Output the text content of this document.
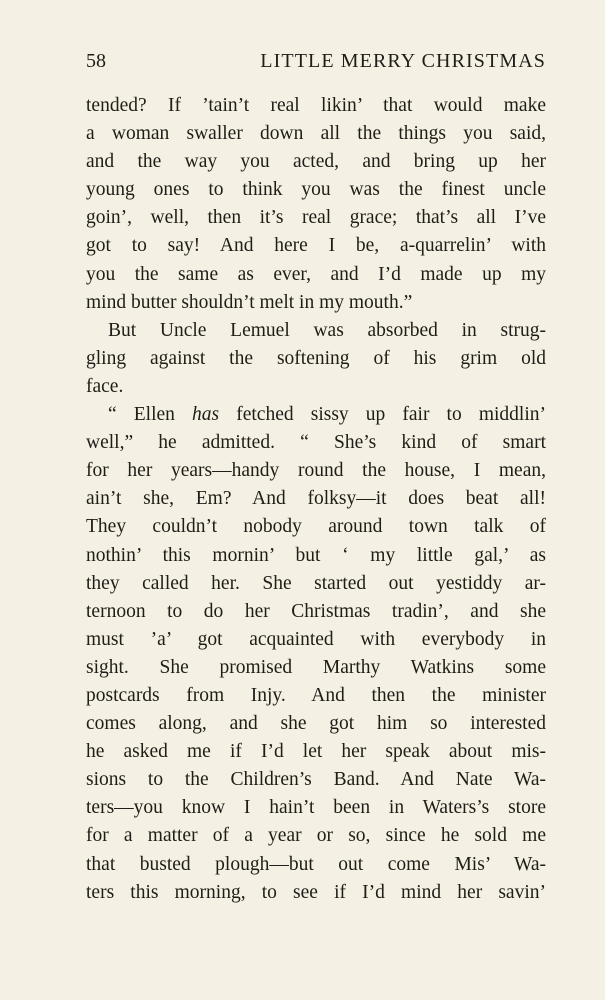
58	LITTLE MERRY CHRISTMAS
tended? If ’tain’t real likin’ that would make
a woman swaller down all the things you said,
and the way you acted, and bring up her
young ones to think you was the finest uncle
goin’, well, then it’s real grace; that’s all I’ve
got to say! And here I be, a-quarrelin’ with
you the same as ever, and I’d made up my
mind butter shouldn’t melt in my mouth.”
But Uncle Lemuel was absorbed in strug-
gling against the softening of his grim old
face.
“ Ellen has fetched sissy up fair to middlin’
well,” he admitted. “ She’s kind of smart
for her years—handy round the house, I mean,
ain’t she, Em? And folksy—it does beat all!
They couldn’t nobody around town talk of
nothin’ this mornin’ but ‘ my little gal,’ as
they called her. She started out yestiddy ar-
ternoon to do her Christmas tradin’, and she
must ’a’ got acquainted with everybody in
sight. She promised Marthy Watkins some
postcards from Injy. And then the minister
comes along, and she got him so interested
he asked me if I’d let her speak about mis-
sions to the Children’s Band. And Nate Wa-
ters—you know I hain’t been in Waters’s store
for a matter of a year or so, since he sold me
that busted plough—but out come Mis’ Wa-
ters this morning, to see if I’d mind her savin’
